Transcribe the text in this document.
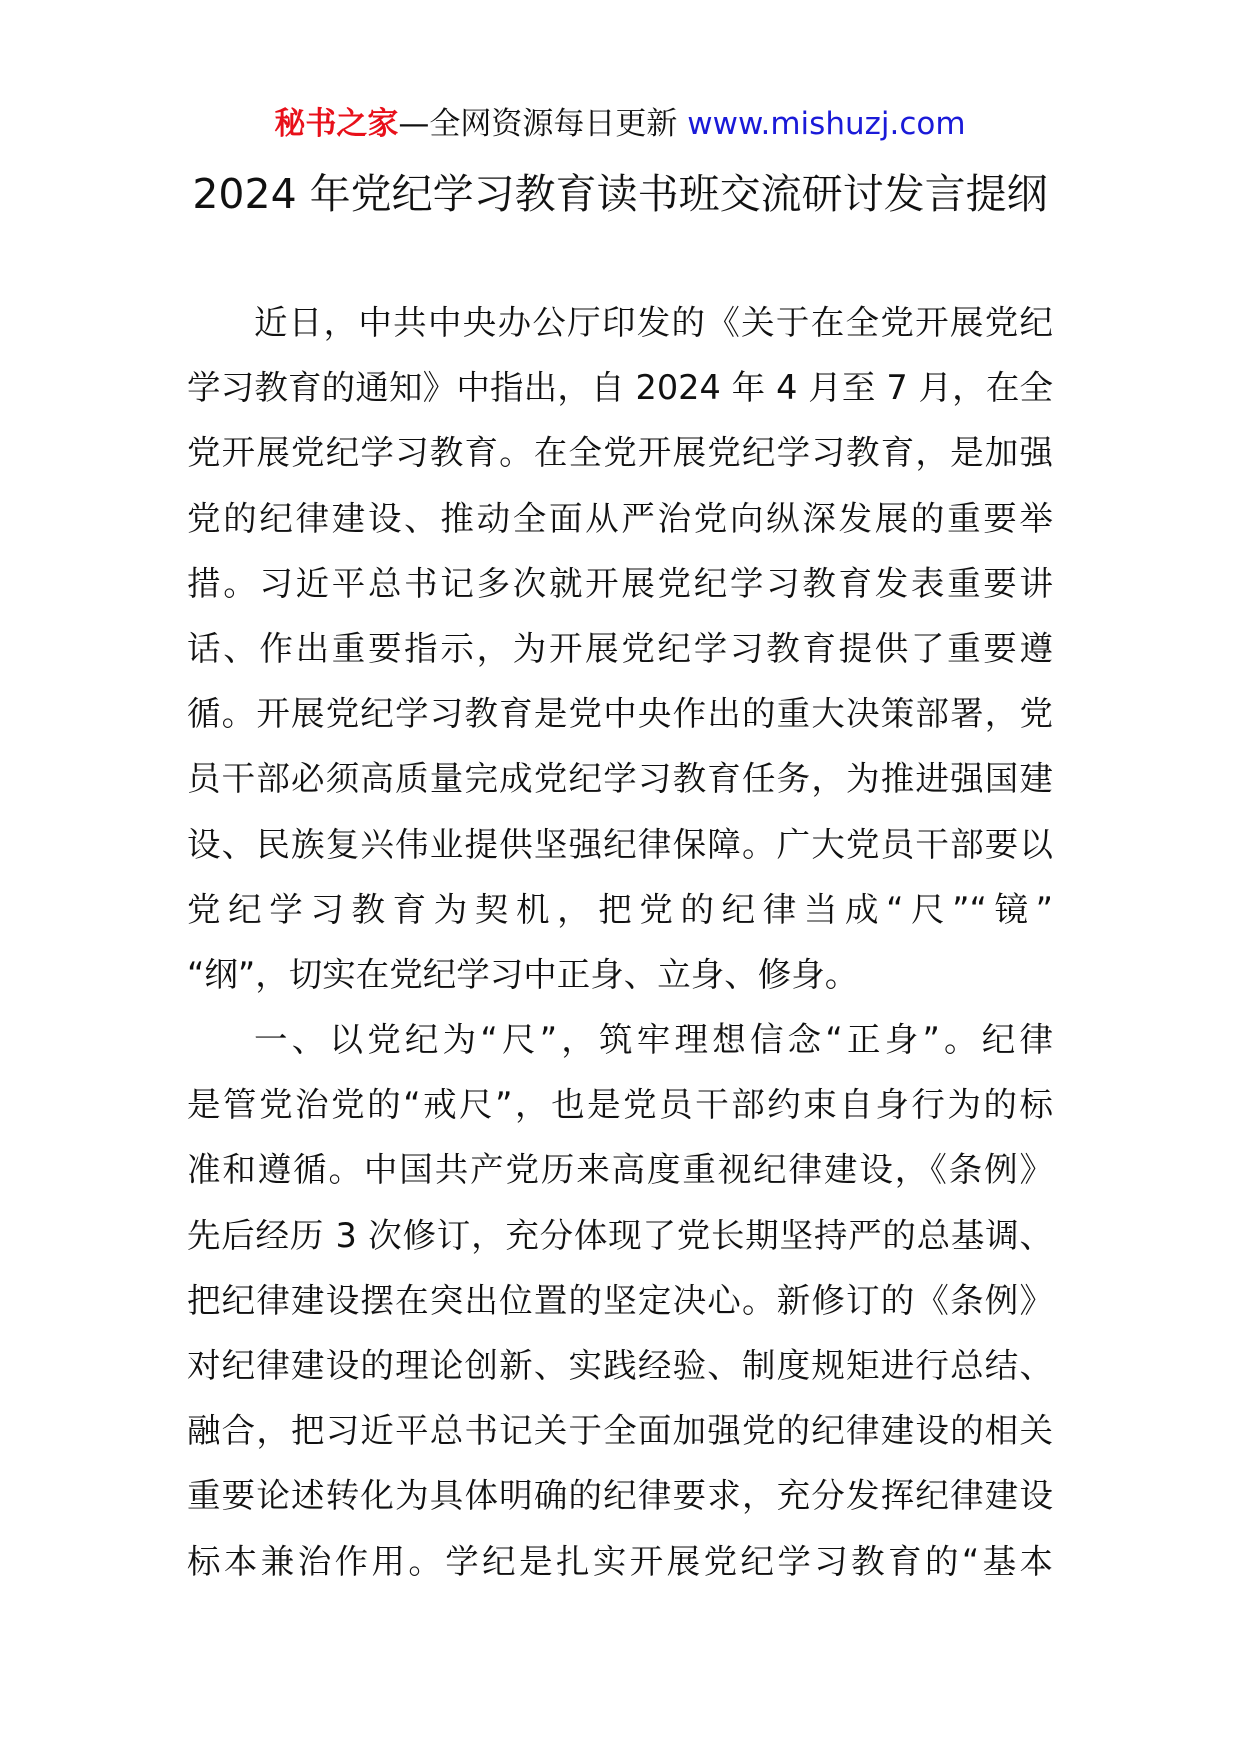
秘书之家—全网资源每日更新 www.mishuzj.com
2024 年党纪学习教育读书班交流研讨发言提纲
近日，中共中央办公厅印发的《关于在全党开展党纪
学习教育的通知》中指出，自 2024 年 4 月至 7 月，在全
党开展党纪学习教育。在全党开展党纪学习教育，是加强
党的纪律建设、推动全面从严治党向纵深发展的重要举
措。习近平总书记多次就开展党纪学习教育发表重要讲
话、作出重要指示，为开展党纪学习教育提供了重要遵
循。开展党纪学习教育是党中央作出的重大决策部署，党
员干部必须高质量完成党纪学习教育任务，为推进强国建
设、民族复兴伟业提供坚强纪律保障。广大党员干部要以
党纪学习教育为契机，把党的纪律当成“尺”“镜”
“纲”，切实在党纪学习中正身、立身、修身。
一、以党纪为“尺”，筑牢理想信念“正身”。纪律
是管党治党的“戒尺”，也是党员干部约束自身行为的标
准和遵循。中国共产党历来高度重视纪律建设，《条例》
先后经历 3 次修订，充分体现了党长期坚持严的总基调、
把纪律建设摆在突出位置的坚定决心。新修订的《条例》
对纪律建设的理论创新、实践经验、制度规矩进行总结、
融合，把习近平总书记关于全面加强党的纪律建设的相关
重要论述转化为具体明确的纪律要求，充分发挥纪律建设
标本兼治作用。学纪是扎实开展党纪学习教育的“基本
